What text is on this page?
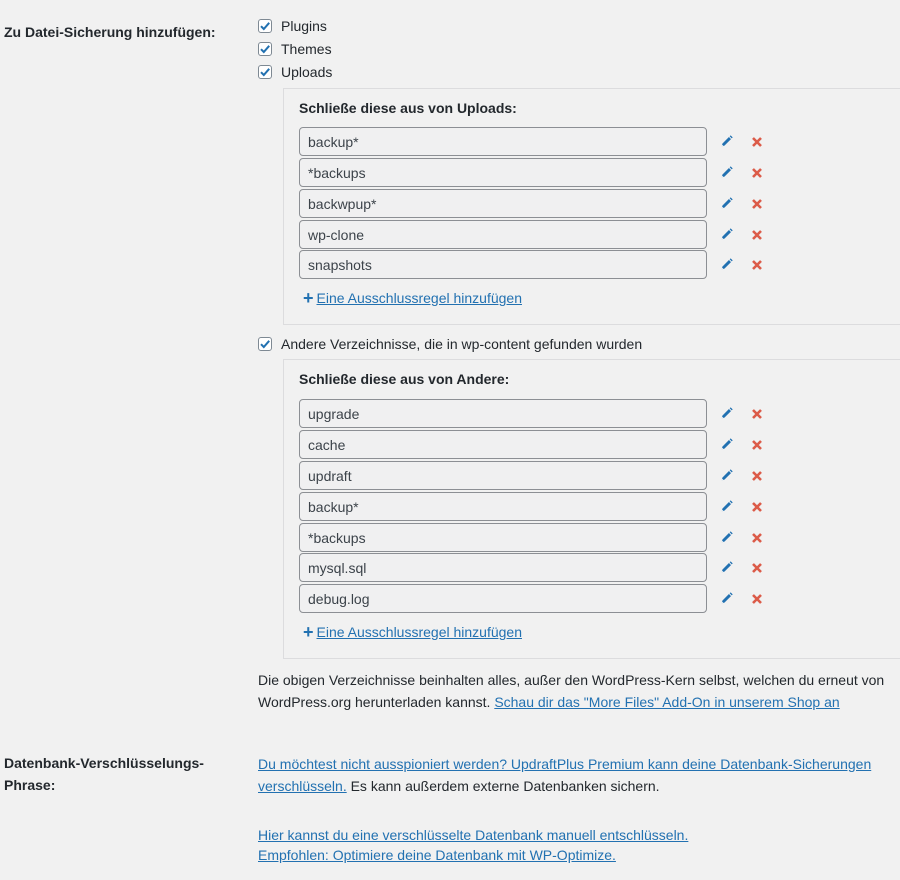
Zu Datei-Sicherung hinzufügen:	Plugins
Themes
Uploads
Schließe diese aus von Uploads:
backup*
*backups
backwpup*
wp-clone
snapshots
+ Eine Ausschlussregel hinzufügen
Andere Verzeichnisse, die in wp-content gefunden wurden
Schließe diese aus von Andere:
upgrade
cache
updraft
backup*
*backups
mysql.sql
debug.log
+ Eine Ausschlussregel hinzufügen
Die obigen Verzeichnisse beinhalten alles, außer den WordPress-Kern selbst, welchen du erneut von WordPress.org herunterladen kannst. Schau dir das "More Files" Add-On in unserem Shop an
Datenbank-Verschlüsselungs-Phrase:
Du möchtest nicht ausspioniert werden? UpdraftPlus Premium kann deine Datenbank-Sicherungen verschlüsseln. Es kann außerdem externe Datenbanken sichern.
Hier kannst du eine verschlüsselte Datenbank manuell entschlüsseln.
Empfohlen: Optimiere deine Datenbank mit WP-Optimize.
